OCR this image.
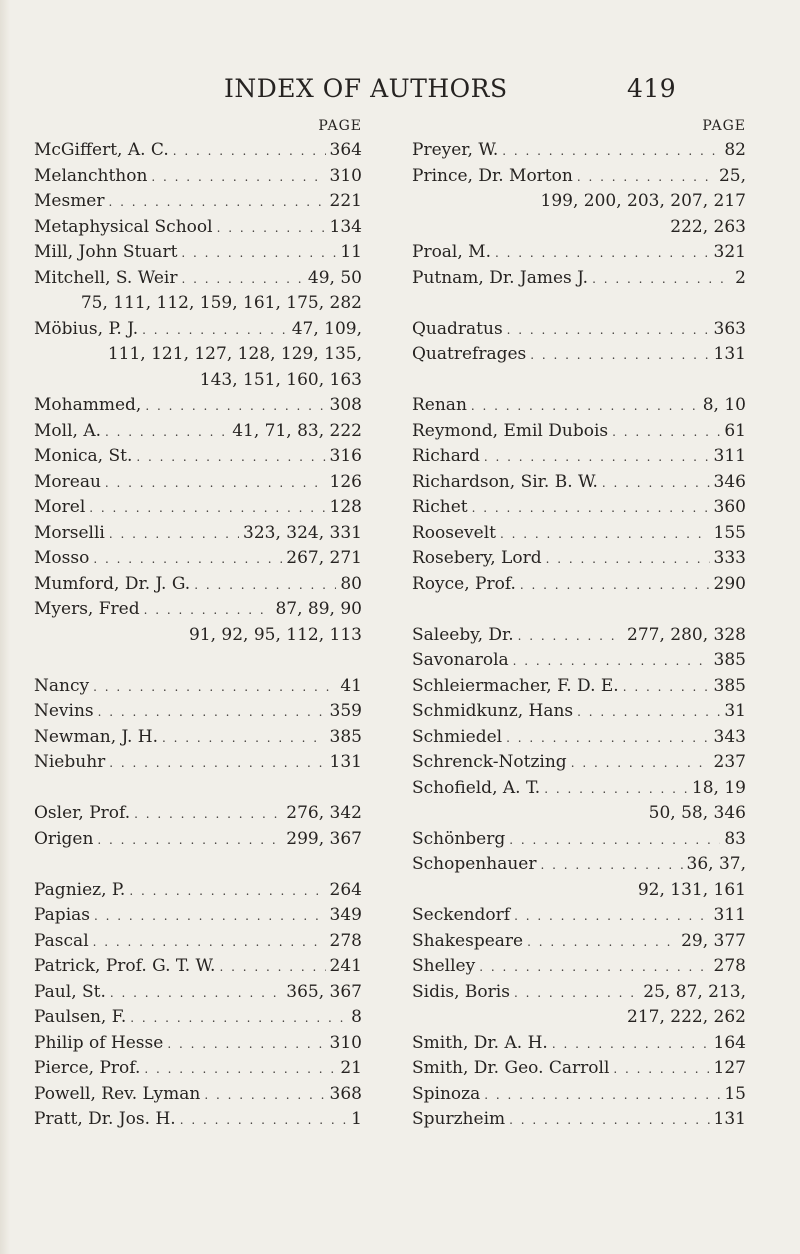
INDEX OF AUTHORS	419
PAGE
McGiffert, A. C. . . .	364
Melanchthon . . .	310
Mesmer . . .	221
Metaphysical School . . .	134
Mill, John Stuart . . .	11
Mitchell, S. Weir . . .	49, 50
75, 111, 112, 159, 161, 175, 282
Möbius, P. J. . . .	47, 109,
111, 121, 127, 128, 129, 135,
143, 151, 160, 163
Mohammed, . . .	308
Moll, A. . . .	41, 71, 83, 222
Monica, St. . . .	316
Moreau . . .	126
Morel . . .	128
Morselli . . .	323, 324, 331
Mosso . . .	267, 271
Mumford, Dr. J. G. . . .	80
Myers, Fred . . .	87, 89, 90
91, 92, 95, 112, 113
Nancy . . .	41
Nevins . . .	359
Newman, J. H. . . .	385
Niebuhr . . .	131
Osler, Prof. . . .	276, 342
Origen . . .	299, 367
Pagniez, P. . . .	264
Papias . . .	349
Pascal . . .	278
Patrick, Prof. G. T. W. . . .	241
Paul, St. . . .	365, 367
Paulsen, F. . . .	8
Philip of Hesse . . .	310
Pierce, Prof. . . .	21
Powell, Rev. Lyman . . .	368
Pratt, Dr. Jos. H. . . .	1
PAGE
Preyer, W. . . .	82
Prince, Dr. Morton . . .	25,
199, 200, 203, 207, 217
222, 263
Proal, M. . . .	321
Putnam, Dr. James J. . . .	2
Quadratus . . .	363
Quatrefrages . . .	131
Renan . . .	8, 10
Reymond, Emil Dubois . . .	61
Richard . . .	311
Richardson, Sir. B. W. . . .	346
Richet . . .	360
Roosevelt . . .	155
Rosebery, Lord . . .	333
Royce, Prof. . . .	290
Saleeby, Dr. . . .	277, 280, 328
Savonarola . . .	385
Schleiermacher, F. D. E. . . .	385
Schmidkunz, Hans . . .	31
Schmiedel . . .	343
Schrenck-Notzing . . .	237
Schofield, A. T. . . .	18, 19
50, 58, 346
Schönberg . . .	83
Schopenhauer . . .	36, 37,
92, 131, 161
Seckendorf . . .	311
Shakespeare . . .	29, 377
Shelley . . .	278
Sidis, Boris . . .	25, 87, 213,
217, 222, 262
Smith, Dr. A. H. . . .	164
Smith, Dr. Geo. Carroll . . .	127
Spinoza . . .	15
Spurzheim . . .	131
